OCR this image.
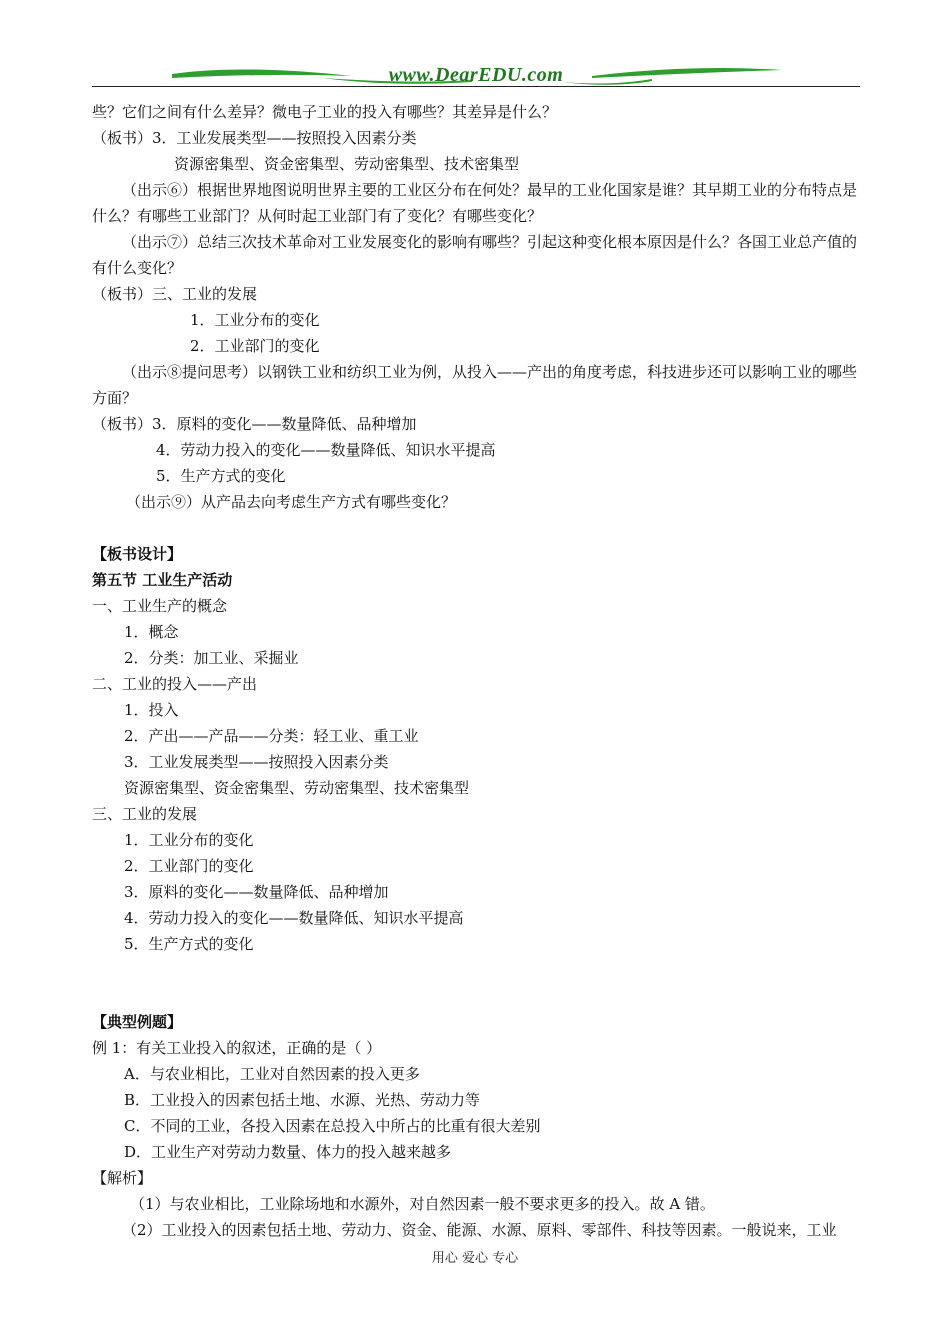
www.DearEDU.com
些？它们之间有什么差异？微电子工业的投入有哪些？其差异是什么？
（板书）3．工业发展类型——按照投入因素分类
资源密集型、资金密集型、劳动密集型、技术密集型
（出示⑥）根据世界地图说明世界主要的工业区分布在何处？最早的工业化国家是谁？其早期工业的分布特点是什么？有哪些工业部门？从何时起工业部门有了变化？有哪些变化？
（出示⑦）总结三次技术革命对工业发展变化的影响有哪些？引起这种变化根本原因是什么？各国工业总产值的有什么变化？
（板书）三、工业的发展
1．工业分布的变化
2．工业部门的变化
（出示⑧提问思考）以钢铁工业和纺织工业为例，从投入——产出的角度考虑，科技进步还可以影响工业的哪些方面？
（板书）3．原料的变化——数量降低、品种增加
4．劳动力投入的变化——数量降低、知识水平提高
5．生产方式的变化
（出示⑨）从产品去向考虑生产方式有哪些变化？
【板书设计】
第五节 工业生产活动
一、工业生产的概念
1．概念
2．分类：加工业、采掘业
二、工业的投入——产出
1．投入
2．产出——产品——分类：轻工业、重工业
3．工业发展类型——按照投入因素分类
资源密集型、资金密集型、劳动密集型、技术密集型
三、工业的发展
1．工业分布的变化
2．工业部门的变化
3．原料的变化——数量降低、品种增加
4．劳动力投入的变化——数量降低、知识水平提高
5．生产方式的变化
【典型例题】
例 1：有关工业投入的叙述，正确的是（ ）
A．与农业相比，工业对自然因素的投入更多
B．工业投入的因素包括土地、水源、光热、劳动力等
C．不同的工业，各投入因素在总投入中所占的比重有很大差别
D．工业生产对劳动力数量、体力的投入越来越多
【解析】
（1）与农业相比，工业除场地和水源外，对自然因素一般不要求更多的投入。故 A 错。
（2）工业投入的因素包括土地、劳动力、资金、能源、水源、原料、零部件、科技等因素。一般说来，工业
用心 爱心 专心
